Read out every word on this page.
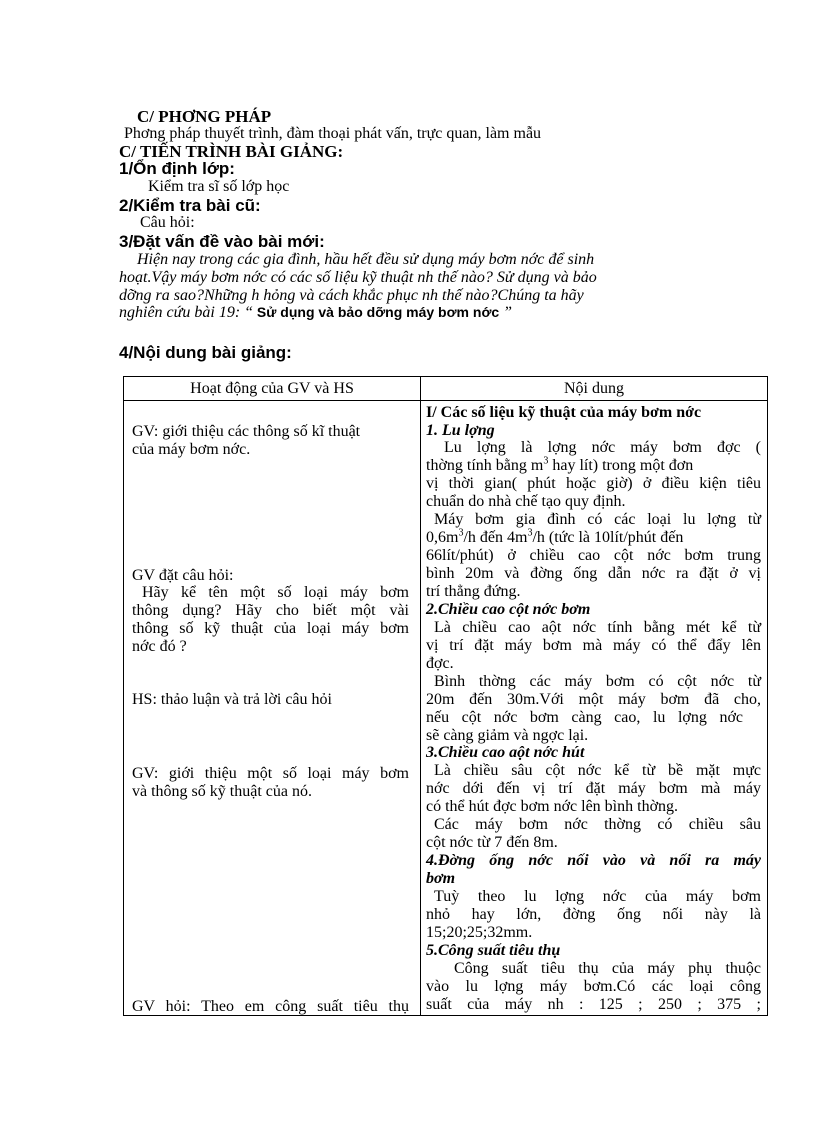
C/ PHƠNG PHÁP
Phơng pháp thuyết trình, đàm thoại phát vấn, trực quan, làm mẫu
C/ TIẾN TRÌNH BÀI GIẢNG:
1/Ổn định lớp:
Kiểm tra sĩ số lớp học
2/Kiểm tra bài cũ:
Câu hỏi:
3/Đặt vấn đề vào bài mới:
Hiện nay trong các gia đình, hầu hết đều sử dụng máy bơm nớc để sinh
hoạt.Vậy máy bơm nớc có các số liệu kỹ thuật nh thế nào? Sử dụng và bảo
dỡng ra sao?Những h hỏng và cách khắc phục nh thế nào?Chúng ta hãy
nghiên cứu bài 19: “ Sử dụng và bảo dỡng máy bơm nớc ”
4/Nội dung bài giảng:
Hoạt động của GV và HS	Nội dung
GV: giới thiệu các thông số kĩ thuật
của máy bơm nớc.
GV đặt câu hỏi:
Hãy kể tên một số loại máy bơm
thông dụng? Hãy cho biết một vài
thông số kỹ thuật của loại máy bơm
nớc đó ?
HS: thảo luận và trả lời câu hỏi
GV: giới thiệu một số loại máy bơm
và thông số kỹ thuật của nó.
GV hỏi: Theo em công suất tiêu thụ
I/ Các số liệu kỹ thuật của máy bơm nớc
1. Lu lợng
Lu lợng là lợng nớc máy bơm đợc (
thờng tính bằng $m^3$ hay lít) trong một đơn
vị thời gian( phút hoặc giờ) ở điều kiện tiêu
chuẩn do nhà chế tạo quy định.
Máy bơm gia đình có các loại lu lợng từ
$0,6m^3/h$ đến $4m^3/h$ (tức là 10lít/phút đến
66lít/phút) ở chiều cao cột nớc bơm trung
bình 20m và đờng ống dẫn nớc ra đặt ở vị
trí thẳng đứng.
2.Chiều cao cột nớc bơm
Là chiều cao aột nớc tính bằng mét kể từ
vị trí đặt máy bơm mà máy có thể đẩy lên
đợc.
Bình thờng các máy bơm có cột nớc từ
20m đến 30m.Với một máy bơm đã cho,
nếu cột nớc bơm càng cao, lu lợng nớc
sẽ càng giảm và ngợc lại.
3.Chiều cao aột nớc hút
Là chiều sâu cột nớc kể từ bề mặt mực
nớc dới đến vị trí đặt máy bơm mà máy
có thể hút đợc bơm nớc lên bình thờng.
Các máy bơm nớc thờng có chiều sâu
cột nớc từ 7 đến 8m.
4.Đờng ống nớc nối vào và nối ra máy
bơm
Tuỳ theo lu lợng nớc của máy bơm
nhỏ hay lớn, đờng ống nối này là
15;20;25;32mm.
5.Công suất tiêu thụ
Công suất tiêu thụ của máy phụ thuộc
vào lu lợng máy bơm.Có các loại công
suất của máy nh : 125 ; 250 ; 375 ;
